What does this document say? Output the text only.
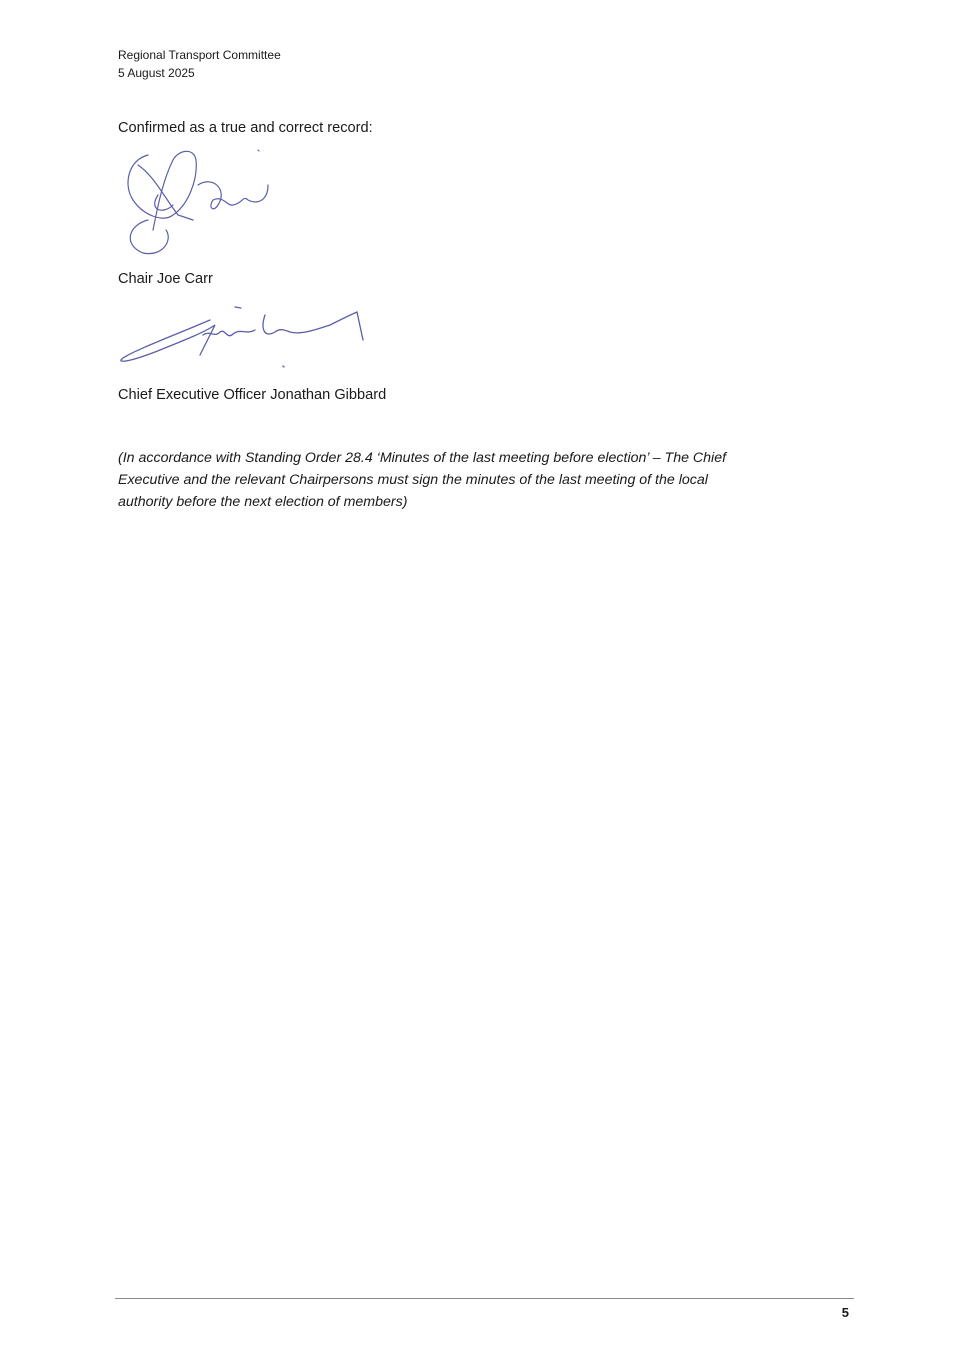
Regional Transport Committee
5 August 2025
Confirmed as a true and correct record:
Chair Joe Carr
Chief Executive Officer Jonathan Gibbard
(In accordance with Standing Order 28.4 ‘Minutes of the last meeting before election’ – The Chief
Executive and the relevant Chairpersons must sign the minutes of the last meeting of the local
authority before the next election of members)
5
